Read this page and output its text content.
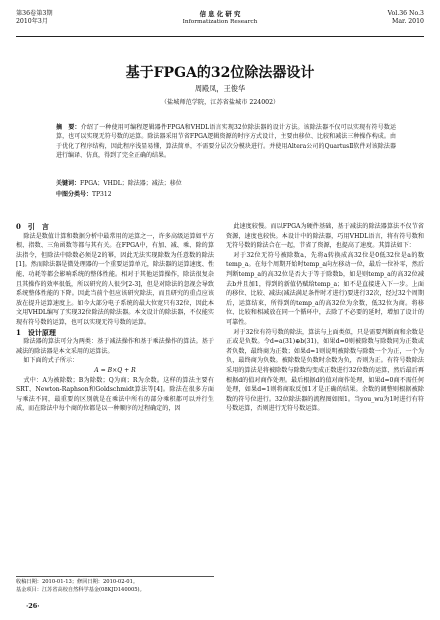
第36卷第3期
2010年3月
信 息 化 研 究
Informatization Research
Vol.36 No.3
Mar. 2010
基于FPGA的32位除法器设计
周殿凤，王俊华
（盐城师范学院，江苏省盐城市 224002）
摘　要：介绍了一种使用可编程逻辑器件FPGA和VHDL语言实现32位除法器的设计方法。该除法器不仅可以实现有符号数运算，也可以实现无符号数的运算。除法器采用节省FPGA逻辑资源的时序方式设计，主要由移位、比较和减法三种操作构成。由于优化了程序结构，因此程序浅显易懂，算法简单，不需要分层次分模块进行。并使用Altera公司的QuartusⅡ软件对该除法器进行编译、仿真，得到了完全正确的结果。
关键词：FPGA；VHDL；除法器；减法；移位
中图分类号：TP312

0　引　言

除法是数值计算和数据分析中最常用的运算之一，许多高级运算如平方根、指数、三角函数等都与其有关。在FPGA中，有加、减、乘、除的算法指令，但除法中除数必须是2的幂，因此无法实现除数为任意数的除法[1]。然而除法器是微处理器的一个重要运算单元，除法器的运算速度、性能、功耗等都会影响系统的整体性能。相对于其他运算操作，除法很复杂且其操作的效率很低，所以研究的人很少[2-3]，但是对除法的忽视会导致系统整体性能的下降。因此当前个但应该研究除法，而且研究的重点应该放在提升运算速度上。如今大部分电子系统的最大位宽只有32位，因此本文用VHDL编写了实现32位除法的除法器。本文设计的除法器，不仅能实现有符号数的运算，也可以实现无符号数的运算。

1　设计原理

除法器的算法可分为两类：基于减法操作和基于乘法操作的算法。基于减法的除法器是本文采用的运算法。

如下面的式子所示：

A = B×Q + R

式中：A为被除数；B为除数；Q为商；R为余数。这样的算法主要有SRT、Newton-Raphson和Goldschmidt算法等[4]。除法在很多方面与乘法不同，最重要的区别就是在乘法中所有的部分乘积都可以并行生成，而在除法中每个商的位都是以一种顺序的过程确定的，因

此速度较慢。而以FPGA为硬件基础，基于减法的除法器算法不仅节省资源，速度也较快。本设计中的除法器，巧用VHDL语言，将有符号数和无符号数的除法合在一起，节省了资源，也提高了速度。其算法如下：

对于32位无符号被除数a，先将a转换成高32位是0低32位是a的数temp_a。在每个周期开始时temp_a向左移动一位，最后一位补零，然后判断temp_a的高32位是否大于等于除数b，如是则temp_a的高32位减去b并且加1，得到的新值仍赋给temp_a；如不是直接进入下一步。上面的移位、比较、减法(减法满足条件时才进行)要进行32次，经过32个周期后，运算结束，所得到的temp_a的高32位为余数，低32位为商。将移位、比较和相减放在同一个循环中，去除了不必要的延时，增加了设计的可靠性。

对于32位有符号数的除法，算法与上面类似，只是需要判断商和余数是正或是负数。令d=a(31)⊕b(31)，如果d=0则被除数与除数同为正数或者负数，最终商为正数；如果d=1则说明被除数与除数一个为正，一个为负，最终商为负数。被除数是负数时余数为负，否则为正。有符号数除法采用的算法是将被除数与除数均变成正数进行32位数的运算，然后最后再根据d的值对商作处理。最后根据d的值对商作处理，如果d=0商不需任何处理，如果d=1则将商取反加1才是正确的结果。余数的调整则根据被除数的符号位进行。32位除法器的流程图如图1。当you_wu为1时进行有符号数运算，否则进行无符号数运算。

收稿日期：2010-01-13；修回日期：2010-02-01。
基金项目：江苏省高校自然科学基金(08KJD140005)。
·26·
